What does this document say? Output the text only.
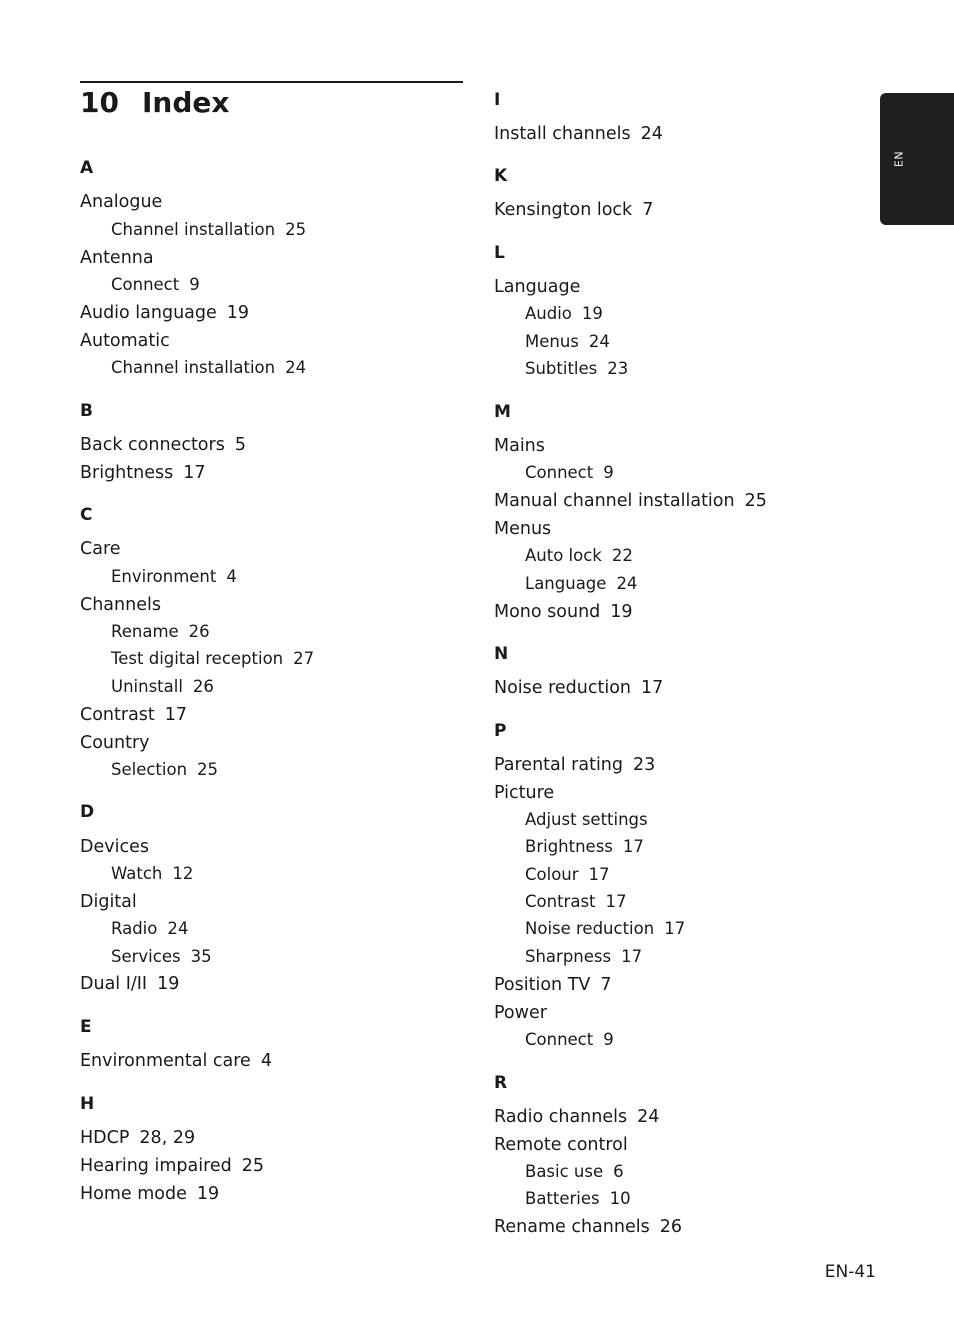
10 Index
A
Analogue
Channel installation 25
Antenna
Connect 9
Audio language 19
Automatic
Channel installation 24
B
Back connectors 5
Brightness 17
C
Care
Environment 4
Channels
Rename 26
Test digital reception 27
Uninstall 26
Contrast 17
Country
Selection 25
D
Devices
Watch 12
Digital
Radio 24
Services 35
Dual I/II 19
E
Environmental care 4
H
HDCP 28, 29
Hearing impaired 25
Home mode 19
I
Install channels 24
K
Kensington lock 7
L
Language
Audio 19
Menus 24
Subtitles 23
M
Mains
Connect 9
Manual channel installation 25
Menus
Auto lock 22
Language 24
Mono sound 19
N
Noise reduction 17
P
Parental rating 23
Picture
Adjust settings
Brightness 17
Colour 17
Contrast 17
Noise reduction 17
Sharpness 17
Position TV 7
Power
Connect 9
R
Radio channels 24
Remote control
Basic use 6
Batteries 10
Rename channels 26
EN
EN-41
